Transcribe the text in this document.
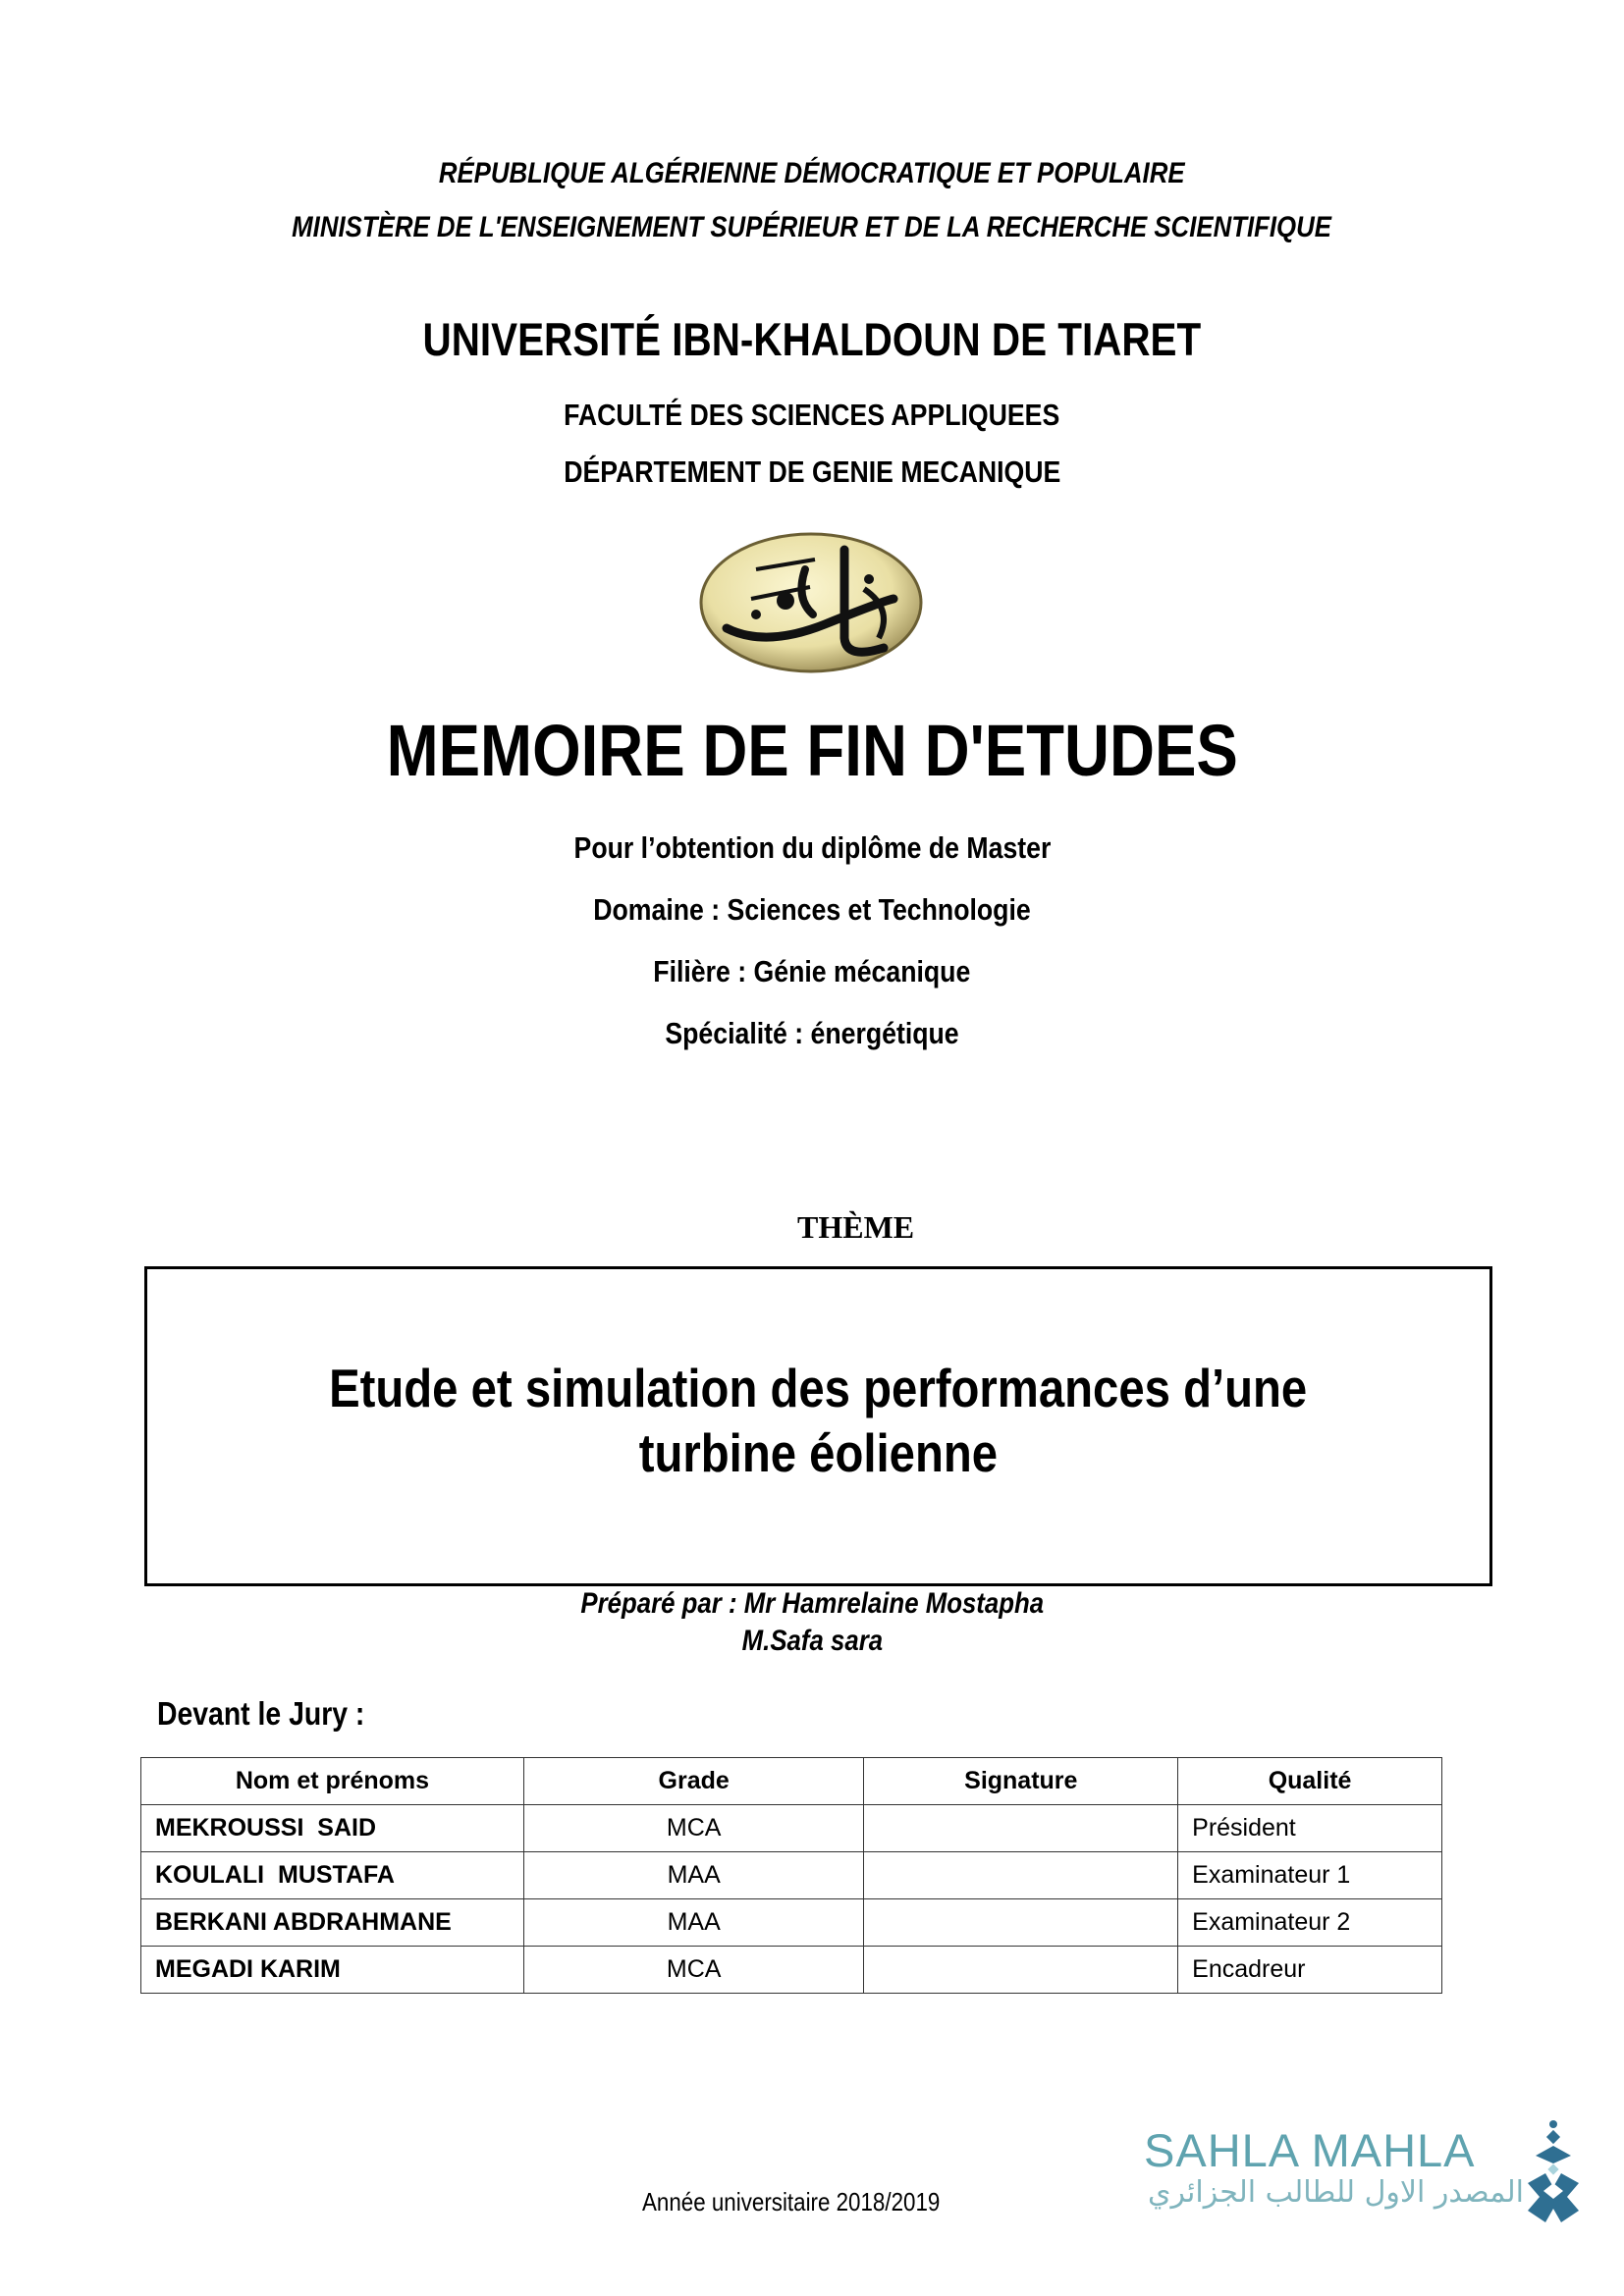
RÉPUBLIQUE ALGÉRIENNE DÉMOCRATIQUE ET POPULAIRE
MINISTÈRE DE L'ENSEIGNEMENT SUPÉRIEUR ET DE LA RECHERCHE SCIENTIFIQUE
UNIVERSITÉ IBN-KHALDOUN DE TIARET
FACULTÉ DES SCIENCES APPLIQUEES
DÉPARTEMENT DE GENIE MECANIQUE
MEMOIRE DE FIN D'ETUDES
Pour l’obtention du diplôme de Master
Domaine : Sciences et Technologie
Filière : Génie mécanique
Spécialité : énergétique
THÈME
Etude et simulation des performances d’une
turbine éolienne
Préparé par : Mr Hamrelaine Mostapha
M.Safa sara
Devant le Jury :
Nom et prénoms	Grade	Signature	Qualité
MEKROUSSI  SAID	MCA		Président
KOULALI  MUSTAFA	MAA		Examinateur 1
BERKANI ABDRAHMANE	MAA		Examinateur 2
MEGADI KARIM	MCA		Encadreur
Année universitaire 2018/2019
SAHLA MAHLA
المصدر الاول للطالب الجزائري
